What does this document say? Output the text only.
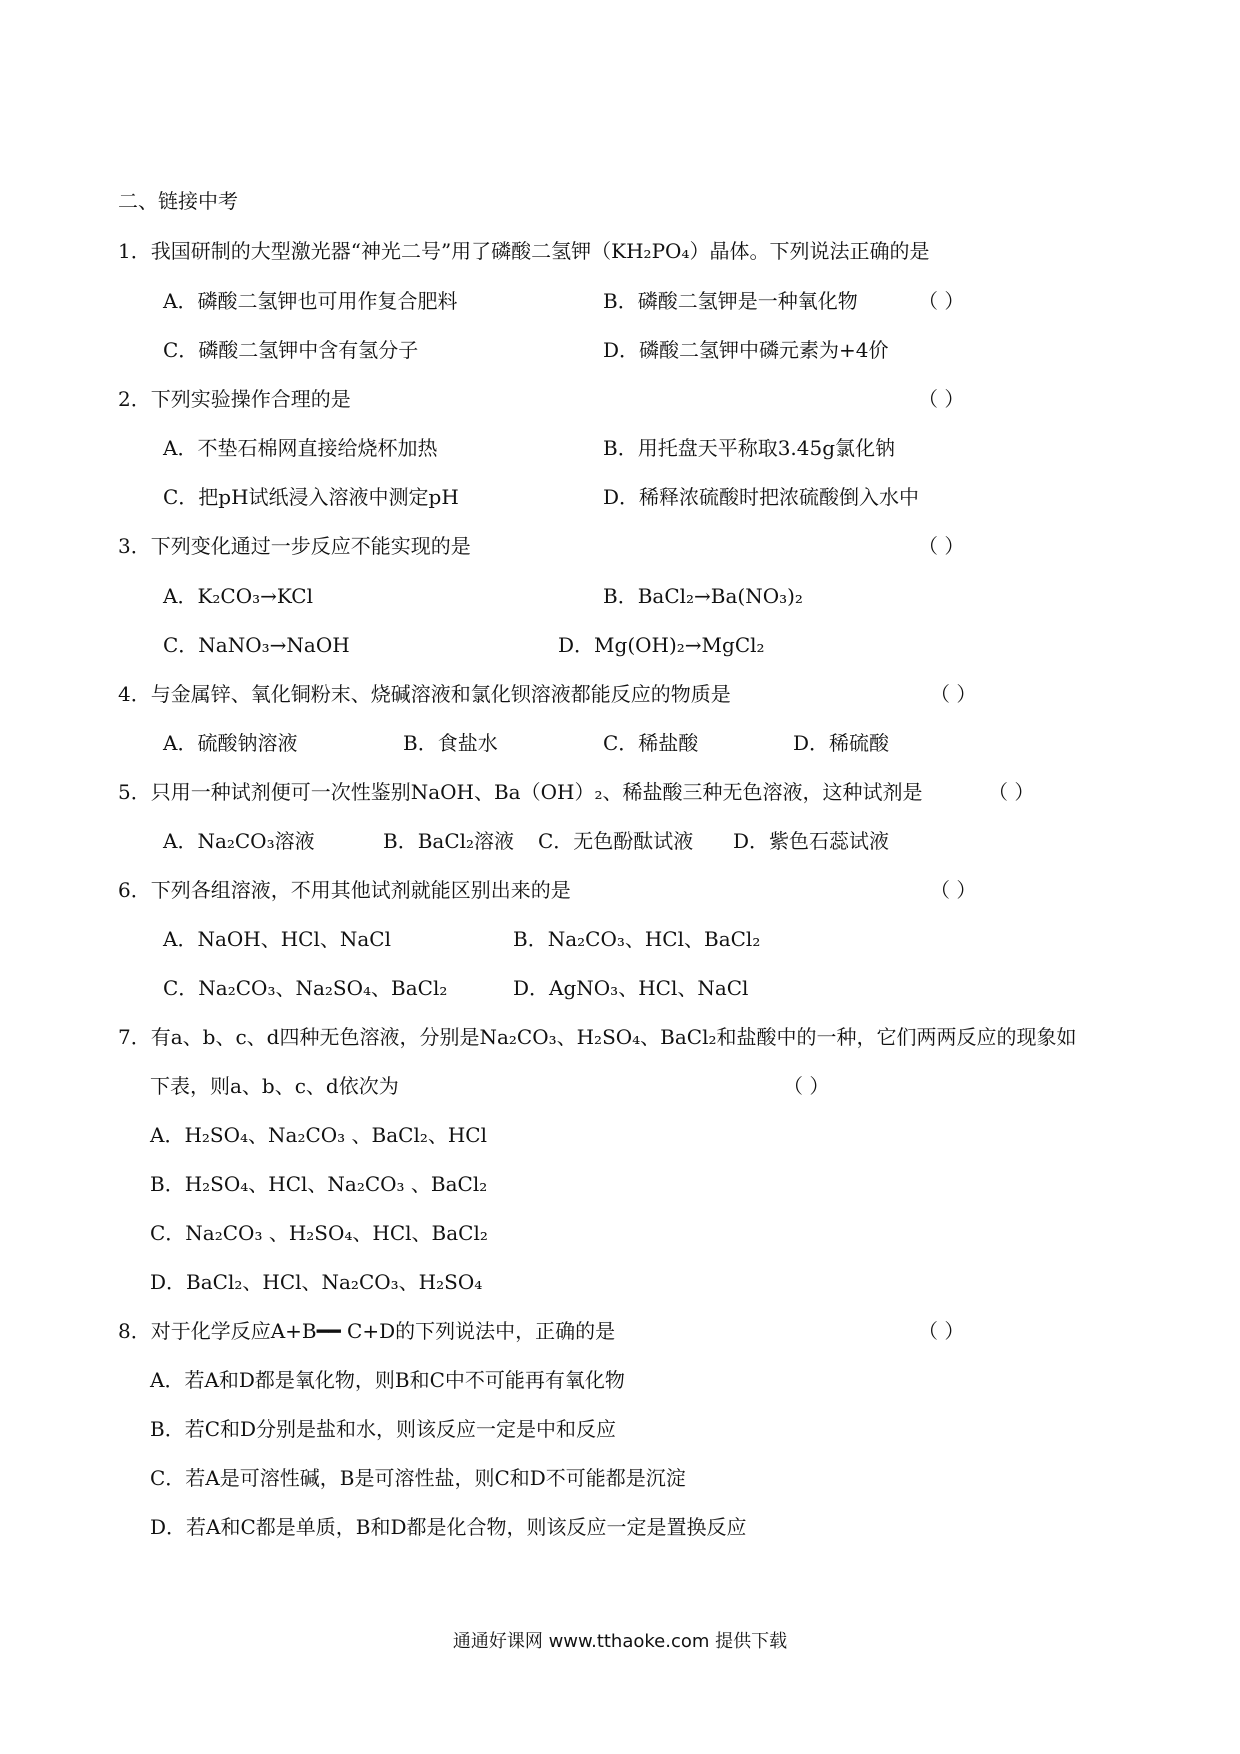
二、链接中考
1．我国研制的大型激光器“神光二号”用了磷酸二氢钾（KH₂PO₄）晶体。下列说法正确的是
A．磷酸二氢钾也可用作复合肥料	B．磷酸二氢钾是一种氧化物	（ ）
C．磷酸二氢钾中含有氢分子	D．磷酸二氢钾中磷元素为+4价
2．下列实验操作合理的是	（ ）
A．不垫石棉网直接给烧杯加热	B．用托盘天平称取3.45g氯化钠
C．把pH试纸浸入溶液中测定pH	D．稀释浓硫酸时把浓硫酸倒入水中
3．下列变化通过一步反应不能实现的是	（ ）
A．K₂CO₃→KCl	B．BaCl₂→Ba(NO₃)₂
C．NaNO₃→NaOH	D．Mg(OH)₂→MgCl₂
4．与金属锌、氧化铜粉末、烧碱溶液和氯化钡溶液都能反应的物质是	（ ）
A．硫酸钠溶液	B．食盐水	C．稀盐酸	D．稀硫酸
5．只用一种试剂便可一次性鉴别NaOH、Ba（OH）₂、稀盐酸三种无色溶液，这种试剂是	（ ）
A．Na₂CO₃溶液	B．BaCl₂溶液 C．无色酚酞试液 D．紫色石蕊试液
6．下列各组溶液，不用其他试剂就能区别出来的是	（ ）
A．NaOH、HCl、NaCl	B．Na₂CO₃、HCl、BaCl₂
C．Na₂CO₃、Na₂SO₄、BaCl₂	D．AgNO₃、HCl、NaCl
7．有a、b、c、d四种无色溶液，分别是Na₂CO₃、H₂SO₄、BaCl₂和盐酸中的一种，它们两两反应的现象如
下表，则a、b、c、d依次为	（ ）
A．H₂SO₄、Na₂CO₃ 、BaCl₂、HCl
B．H₂SO₄、HCl、Na₂CO₃ 、BaCl₂
C．Na₂CO₃ 、H₂SO₄、HCl、BaCl₂
D．BaCl₂、HCl、Na₂CO₃、H₂SO₄
8．对于化学反应A+B━━ C+D的下列说法中，正确的是	（ ）
A．若A和D都是氧化物，则B和C中不可能再有氧化物
B．若C和D分别是盐和水，则该反应一定是中和反应
C．若A是可溶性碱，B是可溶性盐，则C和D不可能都是沉淀
D．若A和C都是单质，B和D都是化合物，则该反应一定是置换反应
通通好课网 www.tthaoke.com 提供下载
